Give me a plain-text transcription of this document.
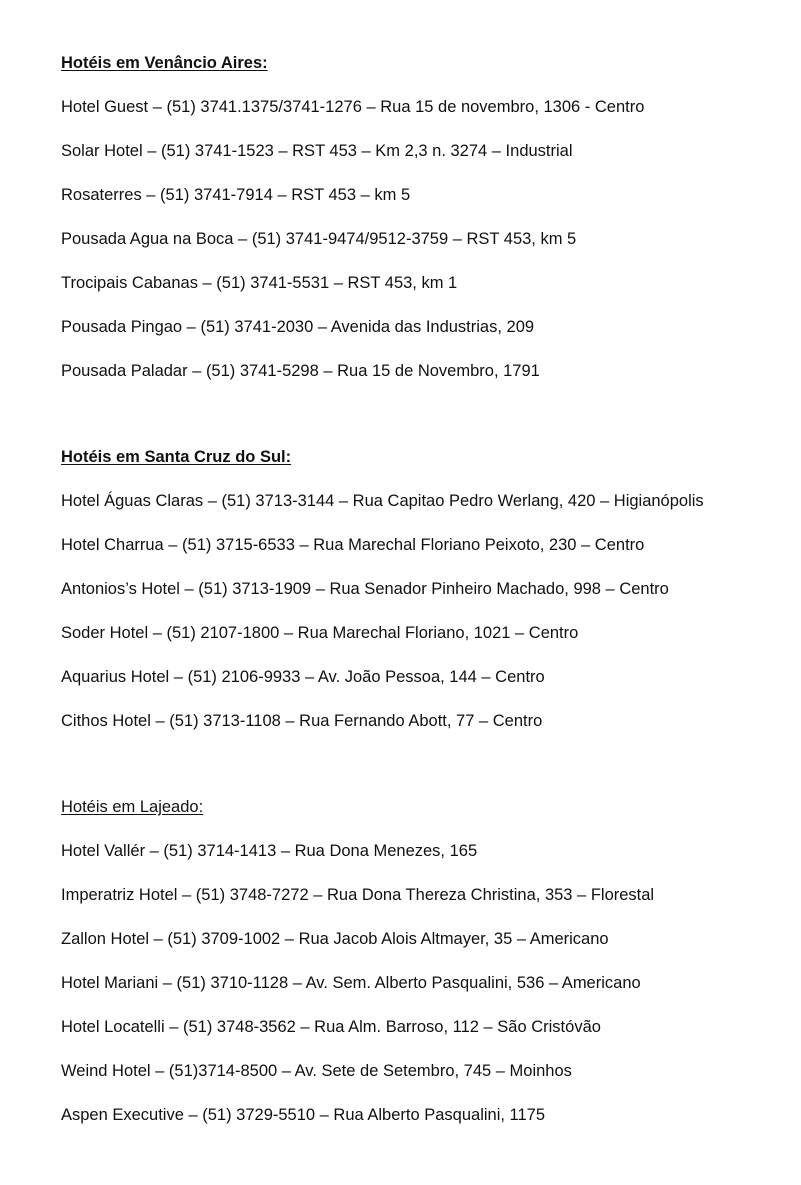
Hotéis em Venâncio Aires:
Hotel Guest – (51) 3741.1375/3741-1276 – Rua 15 de novembro, 1306 - Centro
Solar Hotel – (51) 3741-1523 – RST 453 – Km 2,3 n. 3274 – Industrial
Rosaterres – (51) 3741-7914 – RST 453 – km 5
Pousada Agua na Boca – (51) 3741-9474/9512-3759 – RST 453, km 5
Trocipais Cabanas – (51) 3741-5531 – RST 453, km 1
Pousada Pingao – (51) 3741-2030 – Avenida das Industrias, 209
Pousada Paladar – (51) 3741-5298 – Rua 15 de Novembro, 1791
Hotéis em Santa Cruz do Sul:
Hotel Águas Claras – (51) 3713-3144 – Rua Capitao Pedro Werlang, 420 – Higianópolis
Hotel Charrua – (51) 3715-6533 – Rua Marechal Floriano Peixoto, 230 – Centro
Antonios’s Hotel – (51) 3713-1909 – Rua Senador Pinheiro Machado, 998 – Centro
Soder Hotel – (51) 2107-1800 – Rua Marechal Floriano, 1021 – Centro
Aquarius Hotel – (51) 2106-9933 – Av. João Pessoa, 144 – Centro
Cithos Hotel – (51) 3713-1108 – Rua Fernando Abott, 77 – Centro
Hotéis em Lajeado:
Hotel Vallér – (51) 3714-1413 – Rua Dona Menezes, 165
Imperatriz Hotel – (51) 3748-7272 – Rua Dona Thereza Christina, 353 – Florestal
Zallon Hotel – (51) 3709-1002 – Rua Jacob Alois Altmayer, 35 – Americano
Hotel Mariani – (51) 3710-1128 – Av. Sem. Alberto Pasqualini, 536 – Americano
Hotel Locatelli – (51) 3748-3562 – Rua Alm. Barroso, 112 – São Cristóvão
Weind Hotel – (51)3714-8500 – Av. Sete de Setembro, 745 – Moinhos
Aspen Executive – (51) 3729-5510 – Rua Alberto Pasqualini, 1175
